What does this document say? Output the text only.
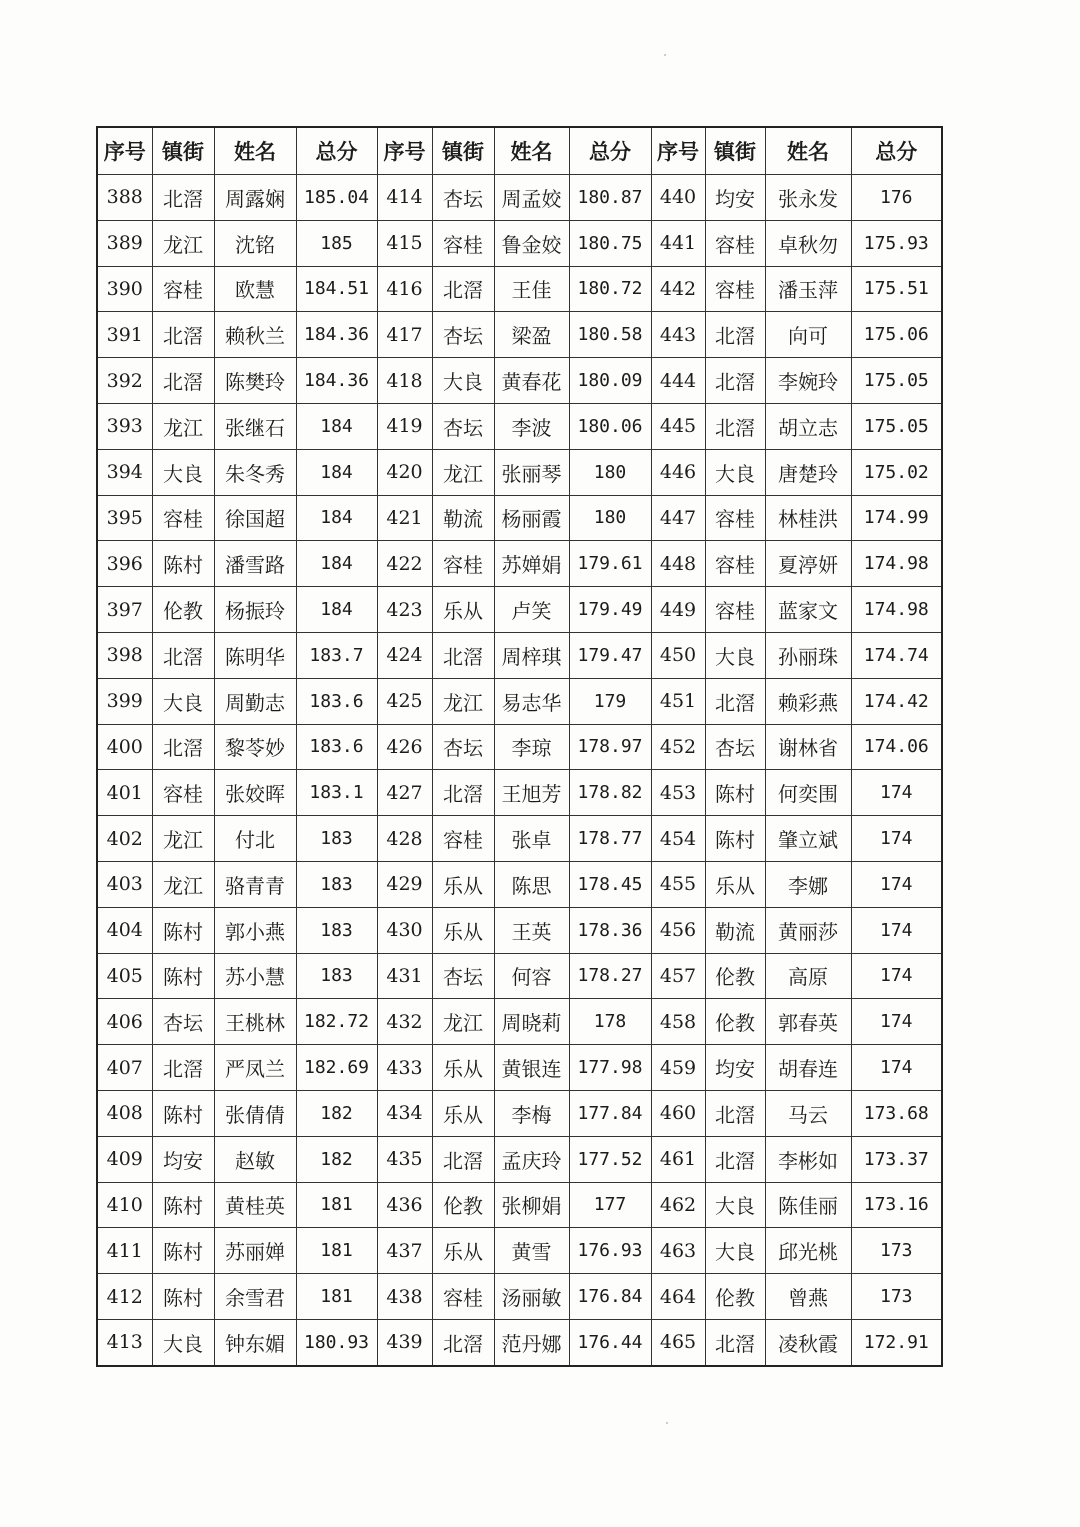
序号	镇街	姓名	总分	序号	镇街	姓名	总分	序号	镇街	姓名	总分
388	北滘	周露娴	185.04	414	杏坛	周孟姣	180.87	440	均安	张永发	176
389	龙江	沈铭	185	415	容桂	鲁金姣	180.75	441	容桂	卓秋勿	175.93
390	容桂	欧慧	184.51	416	北滘	王佳	180.72	442	容桂	潘玉萍	175.51
391	北滘	赖秋兰	184.36	417	杏坛	梁盈	180.58	443	北滘	向可	175.06
392	北滘	陈樊玲	184.36	418	大良	黄春花	180.09	444	北滘	李婉玲	175.05
393	龙江	张继石	184	419	杏坛	李波	180.06	445	北滘	胡立志	175.05
394	大良	朱冬秀	184	420	龙江	张丽琴	180	446	大良	唐楚玲	175.02
395	容桂	徐国超	184	421	勒流	杨丽霞	180	447	容桂	林桂洪	174.99
396	陈村	潘雪路	184	422	容桂	苏婵娟	179.61	448	容桂	夏渟妍	174.98
397	伦教	杨振玲	184	423	乐从	卢笑	179.49	449	容桂	蓝家文	174.98
398	北滘	陈明华	183.7	424	北滘	周梓琪	179.47	450	大良	孙丽珠	174.74
399	大良	周勤志	183.6	425	龙江	易志华	179	451	北滘	赖彩燕	174.42
400	北滘	黎苓妙	183.6	426	杏坛	李琼	178.97	452	杏坛	谢林省	174.06
401	容桂	张姣晖	183.1	427	北滘	王旭芳	178.82	453	陈村	何奕围	174
402	龙江	付北	183	428	容桂	张卓	178.77	454	陈村	肇立斌	174
403	龙江	骆青青	183	429	乐从	陈思	178.45	455	乐从	李娜	174
404	陈村	郭小燕	183	430	乐从	王英	178.36	456	勒流	黄丽莎	174
405	陈村	苏小慧	183	431	杏坛	何容	178.27	457	伦教	高原	174
406	杏坛	王桃林	182.72	432	龙江	周晓莉	178	458	伦教	郭春英	174
407	北滘	严凤兰	182.69	433	乐从	黄银连	177.98	459	均安	胡春连	174
408	陈村	张倩倩	182	434	乐从	李梅	177.84	460	北滘	马云	173.68
409	均安	赵敏	182	435	北滘	孟庆玲	177.52	461	北滘	李彬如	173.37
410	陈村	黄桂英	181	436	伦教	张柳娟	177	462	大良	陈佳丽	173.16
411	陈村	苏丽婵	181	437	乐从	黄雪	176.93	463	大良	邱光桃	173
412	陈村	余雪君	181	438	容桂	汤丽敏	176.84	464	伦教	曾燕	173
413	大良	钟东媚	180.93	439	北滘	范丹娜	176.44	465	北滘	凌秋霞	172.91
